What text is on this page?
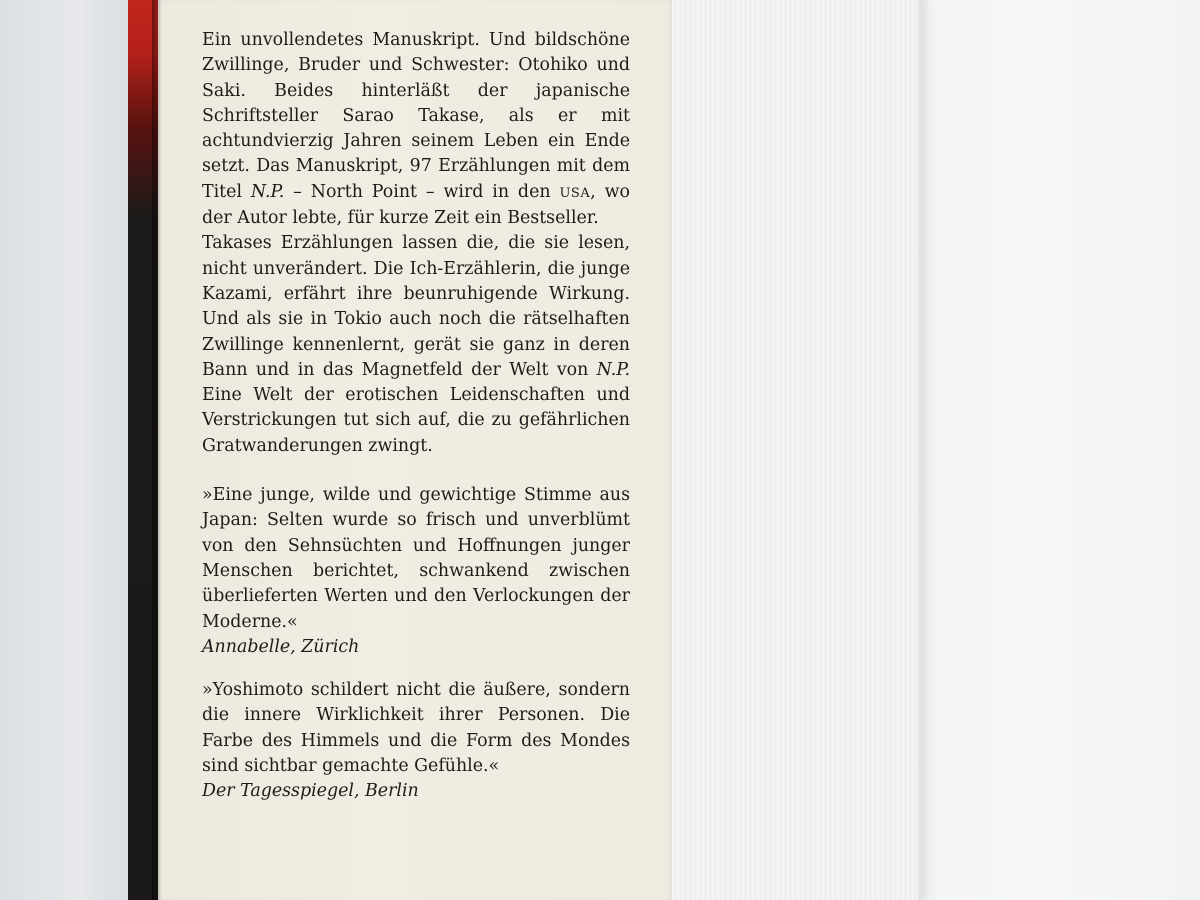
Ein unvollendetes Manuskript. Und bildschöne Zwillinge, Bruder und Schwester: Otohiko und Saki. Beides hinterläßt der japanische Schriftsteller Sarao Takase, als er mit achtundvierzig Jahren seinem Leben ein Ende setzt. Das Manuskript, 97 Erzählungen mit dem Titel N.P. – North Point – wird in den USA, wo der Autor lebte, für kurze Zeit ein Bestseller.

Takases Erzählungen lassen die, die sie lesen, nicht unverändert. Die Ich-Erzählerin, die junge Kazami, erfährt ihre beunruhigende Wirkung. Und als sie in Tokio auch noch die rätselhaften Zwillinge kennenlernt, gerät sie ganz in deren Bann und in das Magnetfeld der Welt von N.P. Eine Welt der erotischen Leidenschaften und Verstrickungen tut sich auf, die zu gefährlichen Gratwanderungen zwingt.

»Eine junge, wilde und gewichtige Stimme aus Japan: Selten wurde so frisch und unverblümt von den Sehnsüchten und Hoffnungen junger Menschen berichtet, schwankend zwischen überlieferten Werten und den Verlockungen der Moderne.«

Annabelle, Zürich

»Yoshimoto schildert nicht die äußere, sondern die innere Wirklichkeit ihrer Personen. Die Farbe des Himmels und die Form des Mondes sind sichtbar gemachte Gefühle.«

Der Tagesspiegel, Berlin
